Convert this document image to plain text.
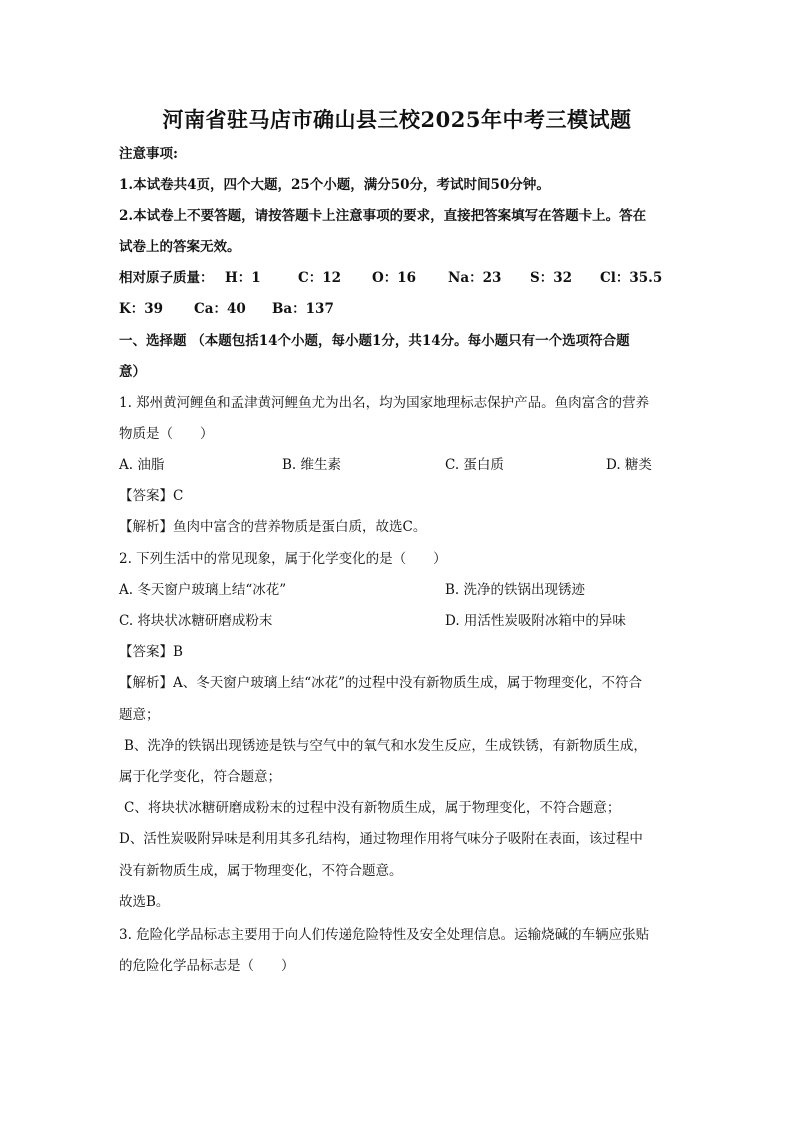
河南省驻马店市确山县三校2025年中考三模试题
注意事项:
1.本试卷共4页，四个大题，25个小题，满分50分，考试时间50分钟。
2.本试卷上不要答题，请按答题卡上注意事项的要求，直接把答案填写在答题卡上。答在
试卷上的答案无效。
相对原子质量： H：1	C：12 O：16 Na：23 S：32 Cl：35.5
K：39 Ca：40 Ba：137
一、选择题 （本题包括14个小题，每小题1分，共14分。每小题只有一个选项符合题
意）
1. 郑州黄河鲤鱼和孟津黄河鲤鱼尤为出名，均为国家地理标志保护产品。鱼肉富含的营养
物质是（　　）
A. 油脂	B. 维生素	C. 蛋白质	D. 糖类
【答案】C
【解析】鱼肉中富含的营养物质是蛋白质，故选C。
2. 下列生活中的常见现象，属于化学变化的是（　　）
A. 冬天窗户玻璃上结“冰花”	B. 洗净的铁锅出现锈迹
C. 将块状冰糖研磨成粉末	D. 用活性炭吸附冰箱中的异味
【答案】B
【解析】A、冬天窗户玻璃上结“冰花”的过程中没有新物质生成，属于物理变化，不符合
题意；
B、洗净的铁锅出现锈迹是铁与空气中的氧气和水发生反应，生成铁锈，有新物质生成，
属于化学变化，符合题意；
C、将块状冰糖研磨成粉末的过程中没有新物质生成，属于物理变化，不符合题意；
D、活性炭吸附异味是利用其多孔结构，通过物理作用将气味分子吸附在表面，该过程中
没有新物质生成，属于物理变化，不符合题意。
故选B。
3. 危险化学品标志主要用于向人们传递危险特性及安全处理信息。运输烧碱的车辆应张贴
的危险化学品标志是（　　）
